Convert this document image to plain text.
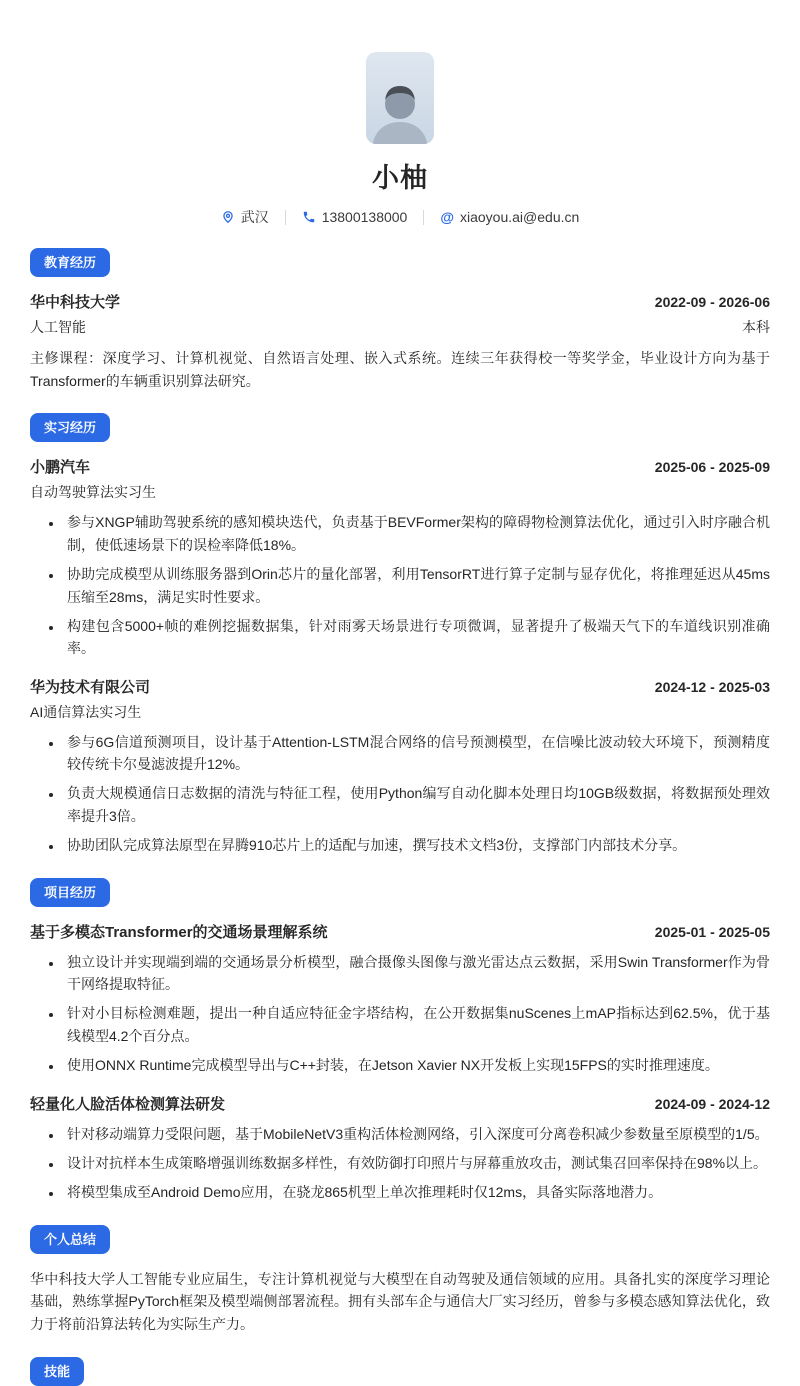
小柚
武汉	13800138000 @ xiaoyou.ai@edu.cn
教育经历
华中科技大学	2022-09 - 2026-06
人工智能	本科
主修课程：深度学习、计算机视觉、自然语言处理、嵌入式系统。连续三年获得校一等奖学金，毕业设计方向为基于Transformer的车辆重识别算法研究。
实习经历
小鹏汽车	2025-06 - 2025-09
自动驾驶算法实习生
• 参与XNGP辅助驾驶系统的感知模块迭代，负责基于BEVFormer架构的障碍物检测算法优化，通过引入时序融合机制，使低速场景下的误检率降低18%。
• 协助完成模型从训练服务器到Orin芯片的量化部署，利用TensorRT进行算子定制与显存优化，将推理延迟从45ms压缩至28ms，满足实时性要求。
• 构建包含5000+帧的难例挖掘数据集，针对雨雾天场景进行专项微调，显著提升了极端天气下的车道线识别准确率。
华为技术有限公司	2024-12 - 2025-03
AI通信算法实习生
• 参与6G信道预测项目，设计基于Attention-LSTM混合网络的信号预测模型，在信噪比波动较大环境下，预测精度较传统卡尔曼滤波提升12%。
• 负责大规模通信日志数据的清洗与特征工程，使用Python编写自动化脚本处理日均10GB级数据，将数据预处理效率提升3倍。
• 协助团队完成算法原型在昇腾910芯片上的适配与加速，撰写技术文档3份，支撑部门内部技术分享。
项目经历
基于多模态Transformer的交通场景理解系统	2025-01 - 2025-05
• 独立设计并实现端到端的交通场景分析模型，融合摄像头图像与激光雷达点云数据，采用Swin Transformer作为骨干网络提取特征。
• 针对小目标检测难题，提出一种自适应特征金字塔结构，在公开数据集nuScenes上mAP指标达到62.5%，优于基线模型4.2个百分点。
• 使用ONNX Runtime完成模型导出与C++封装，在Jetson Xavier NX开发板上实现15FPS的实时推理速度。
轻量化人脸活体检测算法研发	2024-09 - 2024-12
• 针对移动端算力受限问题，基于MobileNetV3重构活体检测网络，引入深度可分离卷积减少参数量至原模型的1/5。
• 设计对抗样本生成策略增强训练数据多样性，有效防御打印照片与屏幕重放攻击，测试集召回率保持在98%以上。
• 将模型集成至Android Demo应用，在骁龙865机型上单次推理耗时仅12ms，具备实际落地潜力。
个人总结
华中科技大学人工智能专业应届生，专注计算机视觉与大模型在自动驾驶及通信领域的应用。具备扎实的深度学习理论基础，熟练掌握PyTorch框架及模型端侧部署流程。拥有头部车企与通信大厂实习经历，曾参与多模态感知算法优化，致力于将前沿算法转化为实际生产力。
技能
